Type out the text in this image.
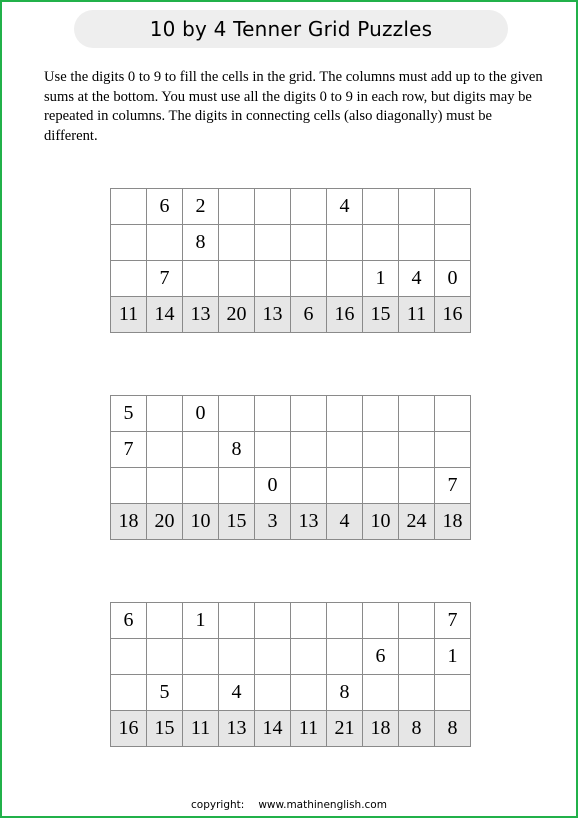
10 by 4 Tenner Grid Puzzles
Use the digits 0 to 9 to fill the cells in the grid. The columns must add up to the given sums at the bottom. You must use all the digits 0 to 9 in each row, but digits may be repeated in columns. The digits in connecting cells (also diagonally) must be different.
	6	2				4			
		8							
	7						1	4	0
11	14	13	20	13	6	16	15	11	16
5		0							
7			8						
				0					7
18	20	10	15	3	13	4	10	24	18
6		1							7
							6		1
	5		4			8			
16	15	11	13	14	11	21	18	8	8
copyright: www.mathinenglish.com
